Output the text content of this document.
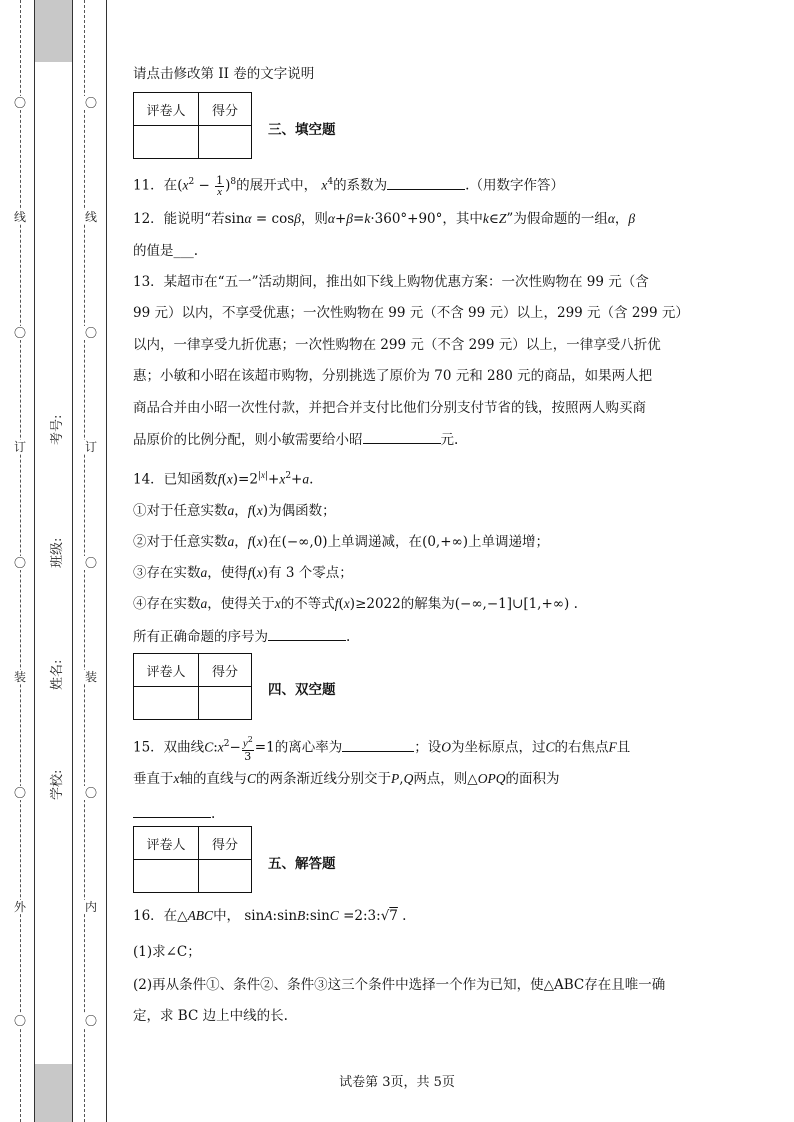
〇
线
〇
订
〇
装
〇
外
〇
〇
线
〇
订
〇
装
〇
内
〇
考号:
班级:
姓名:
学校:
请点击修改第 II 卷的文字说明
评卷人	得分

三、填空题
11．在$(x^2 - \frac{1}{x} )^8$的展开式中， $x^4$的系数为	.（用数字作答）
12．能说明“若sinα = cosβ，则α+β=k·360°+90°，其中k∈Z”为假命题的一组α，β
的值是___.
13．某超市在“五一”活动期间，推出如下线上购物优惠方案：一次性购物在 99 元（含
99 元）以内，不享受优惠；一次性购物在 99 元（不含 99 元）以上，299 元（含 299 元）
以内，一律享受九折优惠；一次性购物在 299 元（不含 299 元）以上，一律享受八折优
惠；小敏和小昭在该超市购物，分别挑选了原价为 70 元和 280 元的商品，如果两人把
商品合并由小昭一次性付款，并把合并支付比他们分别支付节省的钱，按照两人购买商
品原价的比例分配，则小敏需要给小昭	元.
14．已知函数$f(x)=2^{|x|}+x^2+a$.
①对于任意实数a，f(x)为偶函数；
②对于任意实数a，f(x)在(−∞,0)上单调递减，在(0,+∞)上单调递增；
③存在实数a，使得f(x)有 3 个零点；
④存在实数a，使得关于x的不等式f(x)≥2022的解集为(−∞,−1]∪[1,+∞) .
所有正确命题的序号为	.
评卷人	得分

四、双空题
15．双曲线$C:x^2- \frac{y^2}{3} =1$的离心率为	；设O为坐标原点，过C的右焦点F且
垂直于x轴的直线与C的两条渐近线分别交于P,Q两点，则△OPQ的面积为
.
评卷人	得分

五、解答题
16．在△ABC中， sinA:sinB:sinC =2:3:√7 .
(1)求∠C；
(2)再从条件①、条件②、条件③这三个条件中选择一个作为已知，使△ABC存在且唯一确
定，求 BC 边上中线的长.
试卷第 3页，共 5页
